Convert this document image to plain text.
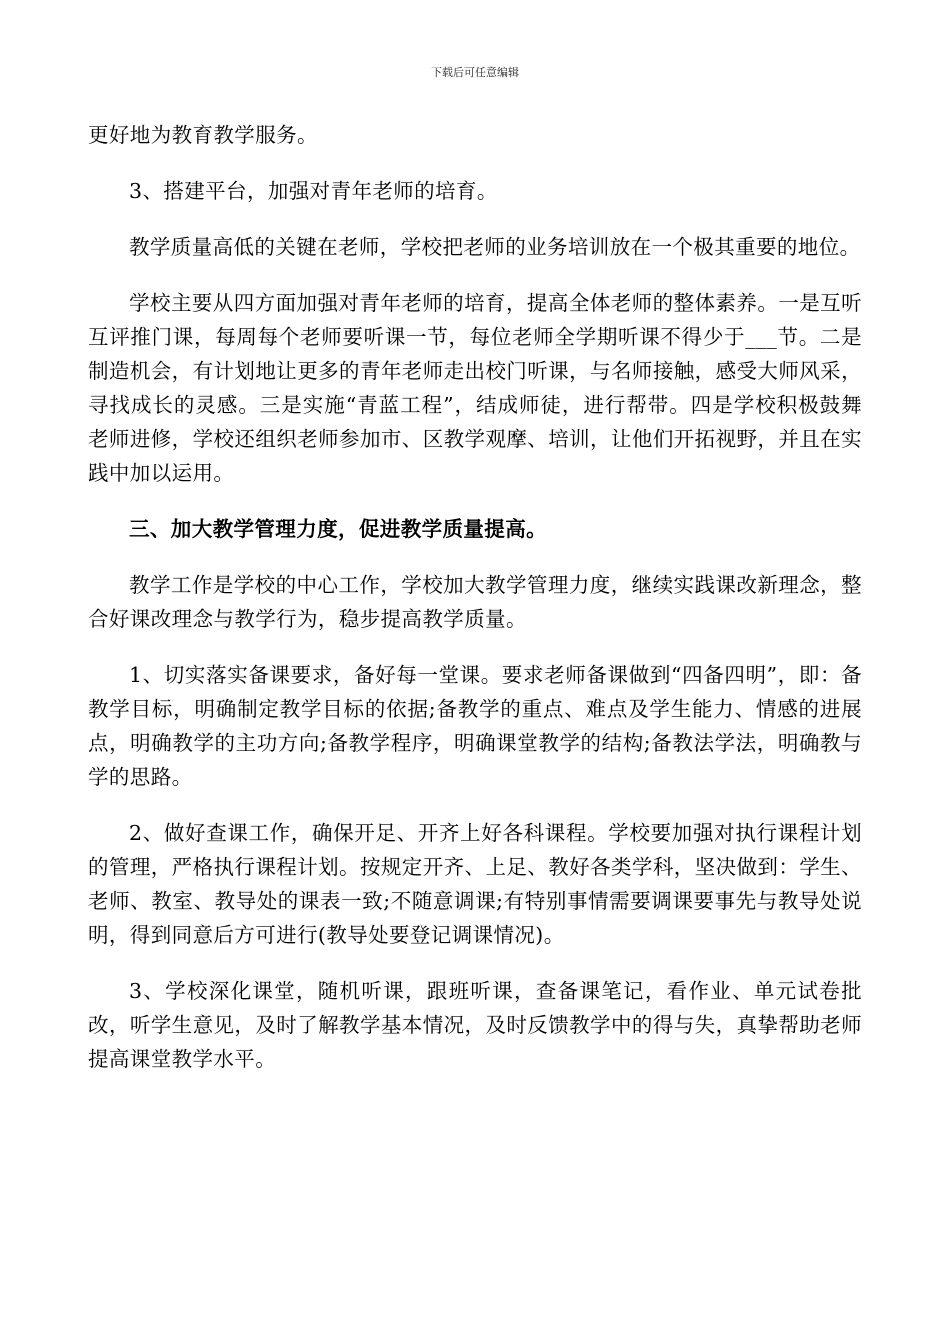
下载后可任意编辑

更好地为教育教学服务。

3、搭建平台，加强对青年老师的培育。

教学质量高低的关键在老师，学校把老师的业务培训放在一个极其重要的地位。

学校主要从四方面加强对青年老师的培育，提高全体老师的整体素养。一是互听互评推门课，每周每个老师要听课一节，每位老师全学期听课不得少于___节。二是制造机会，有计划地让更多的青年老师走出校门听课，与名师接触，感受大师风采，寻找成长的灵感。三是实施“青蓝工程”，结成师徒，进行帮带。四是学校积极鼓舞老师进修，学校还组织老师参加市、区教学观摩、培训，让他们开拓视野，并且在实践中加以运用。

三、加大教学管理力度，促进教学质量提高。

教学工作是学校的中心工作，学校加大教学管理力度，继续实践课改新理念，整合好课改理念与教学行为，稳步提高教学质量。

1、切实落实备课要求，备好每一堂课。要求老师备课做到“四备四明”，即：备教学目标，明确制定教学目标的依据;备教学的重点、难点及学生能力、情感的进展点，明确教学的主功方向;备教学程序，明确课堂教学的结构;备教法学法，明确教与学的思路。

2、做好查课工作，确保开足、开齐上好各科课程。学校要加强对执行课程计划的管理，严格执行课程计划。按规定开齐、上足、教好各类学科，坚决做到：学生、老师、教室、教导处的课表一致;不随意调课;有特别事情需要调课要事先与教导处说明，得到同意后方可进行(教导处要登记调课情况)。

3、学校深化课堂，随机听课，跟班听课，查备课笔记，看作业、单元试卷批改，听学生意见，及时了解教学基本情况，及时反馈教学中的得与失，真挚帮助老师提高课堂教学水平。
